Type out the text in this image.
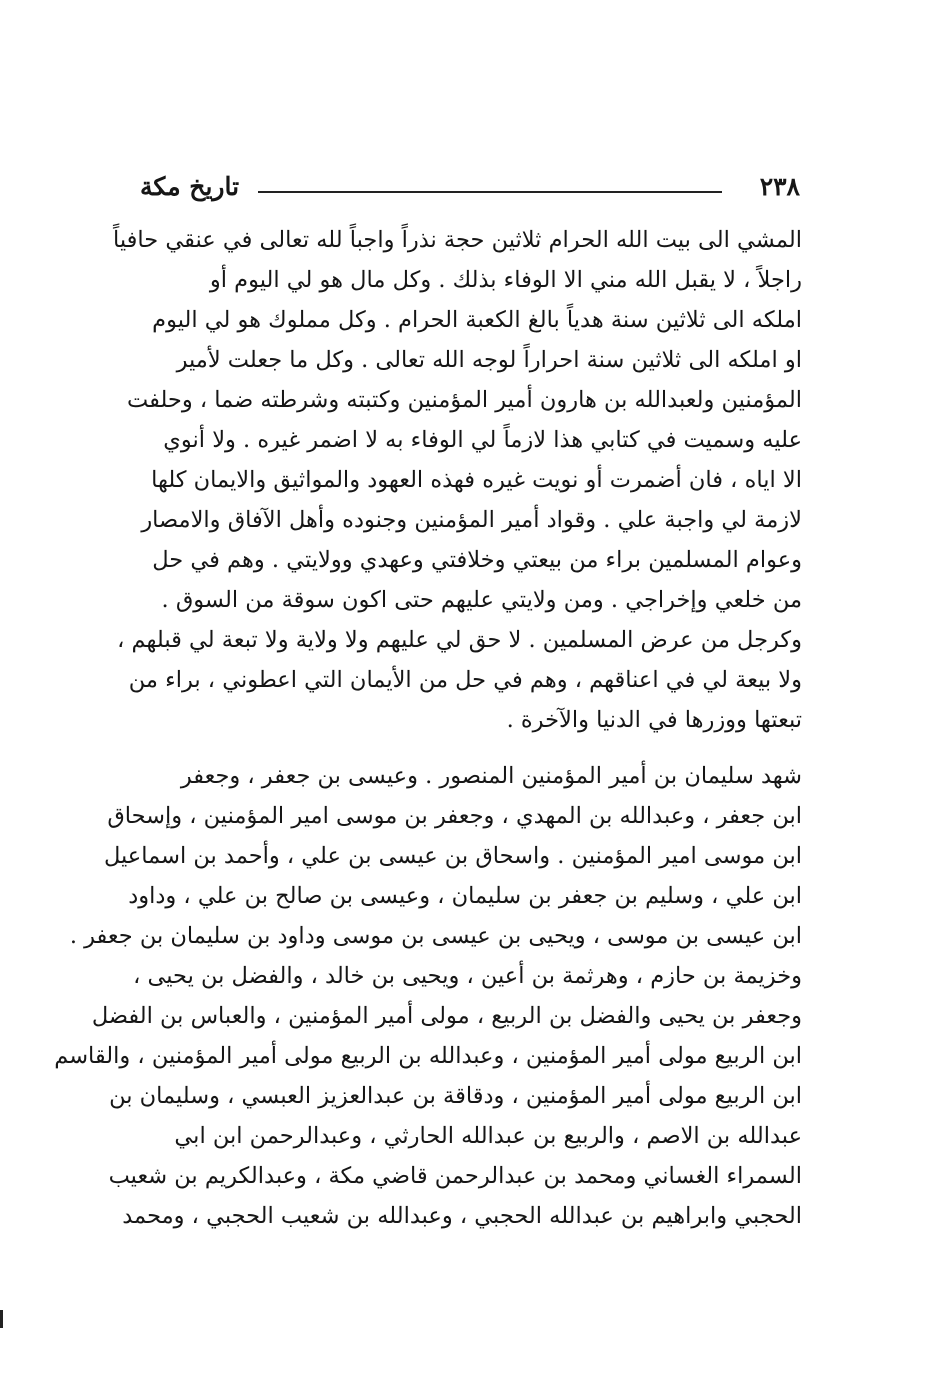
٢٣٨
تاريخ مكة
المشي الى بيت الله الحرام ثلاثين حجة نذراً واجباً لله تعالى في عنقي حافياً
راجلاً ، لا يقبل الله مني الا الوفاء بذلك . وكل مال هو لي اليوم أو
املكه الى ثلاثين سنة هدياً بالغ الكعبة الحرام . وكل مملوك هو لي اليوم
او املكه الى ثلاثين سنة احراراً لوجه الله تعالى . وكل ما جعلت لأمير
المؤمنين ولعبدالله بن هارون أمير المؤمنين وكتبته وشرطته ضما ، وحلفت
عليه وسميت في كتابي هذا لازماً لي الوفاء به لا اضمر غيره . ولا أنوي
الا اياه ، فان أضمرت أو نويت غيره فهذه العهود والمواثيق والايمان كلها
لازمة لي واجبة علي . وقواد أمير المؤمنين وجنوده وأهل الآفاق والامصار
وعوام المسلمين براء من بيعتي وخلافتي وعهدي وولايتي . وهم في حل
من خلعي وإخراجي . ومن ولايتي عليهم حتى اكون سوقة من السوق .
وكرجل من عرض المسلمين . لا حق لي عليهم ولا ولاية ولا تبعة لي قبلهم ،
ولا بيعة لي في اعناقهم ، وهم في حل من الأيمان التي اعطوني ، براء من
تبعتها ووزرها في الدنيا والآخرة .
شهد سليمان بن أمير المؤمنين المنصور . وعيسى بن جعفر ، وجعفر
ابن جعفر ، وعبدالله بن المهدي ، وجعفر بن موسى امير المؤمنين ، وإسحاق
ابن موسى امير المؤمنين . واسحاق بن عيسى بن علي ، وأحمد بن اسماعيل
ابن علي ، وسليم بن جعفر بن سليمان ، وعيسى بن صالح بن علي ، وداود
ابن عيسى بن موسى ، ويحيى بن عيسى بن موسى وداود بن سليمان بن جعفر .
وخزيمة بن حازم ، وهرثمة بن أعين ، ويحيى بن خالد ، والفضل بن يحيى ،
وجعفر بن يحيى والفضل بن الربيع ، مولى أمير المؤمنين ، والعباس بن الفضل
ابن الربيع مولى أمير المؤمنين ، وعبدالله بن الربيع مولى أمير المؤمنين ، والقاسم
ابن الربيع مولى أمير المؤمنين ، ودقاقة بن عبدالعزيز العبسي ، وسليمان بن
عبدالله بن الاصم ، والربيع بن عبدالله الحارثي ، وعبدالرحمن ابن ابي
السمراء الغساني ومحمد بن عبدالرحمن قاضي مكة ، وعبدالكريم بن شعيب
الحجبي وابراهيم بن عبدالله الحجبي ، وعبدالله بن شعيب الحجبي ، ومحمد
